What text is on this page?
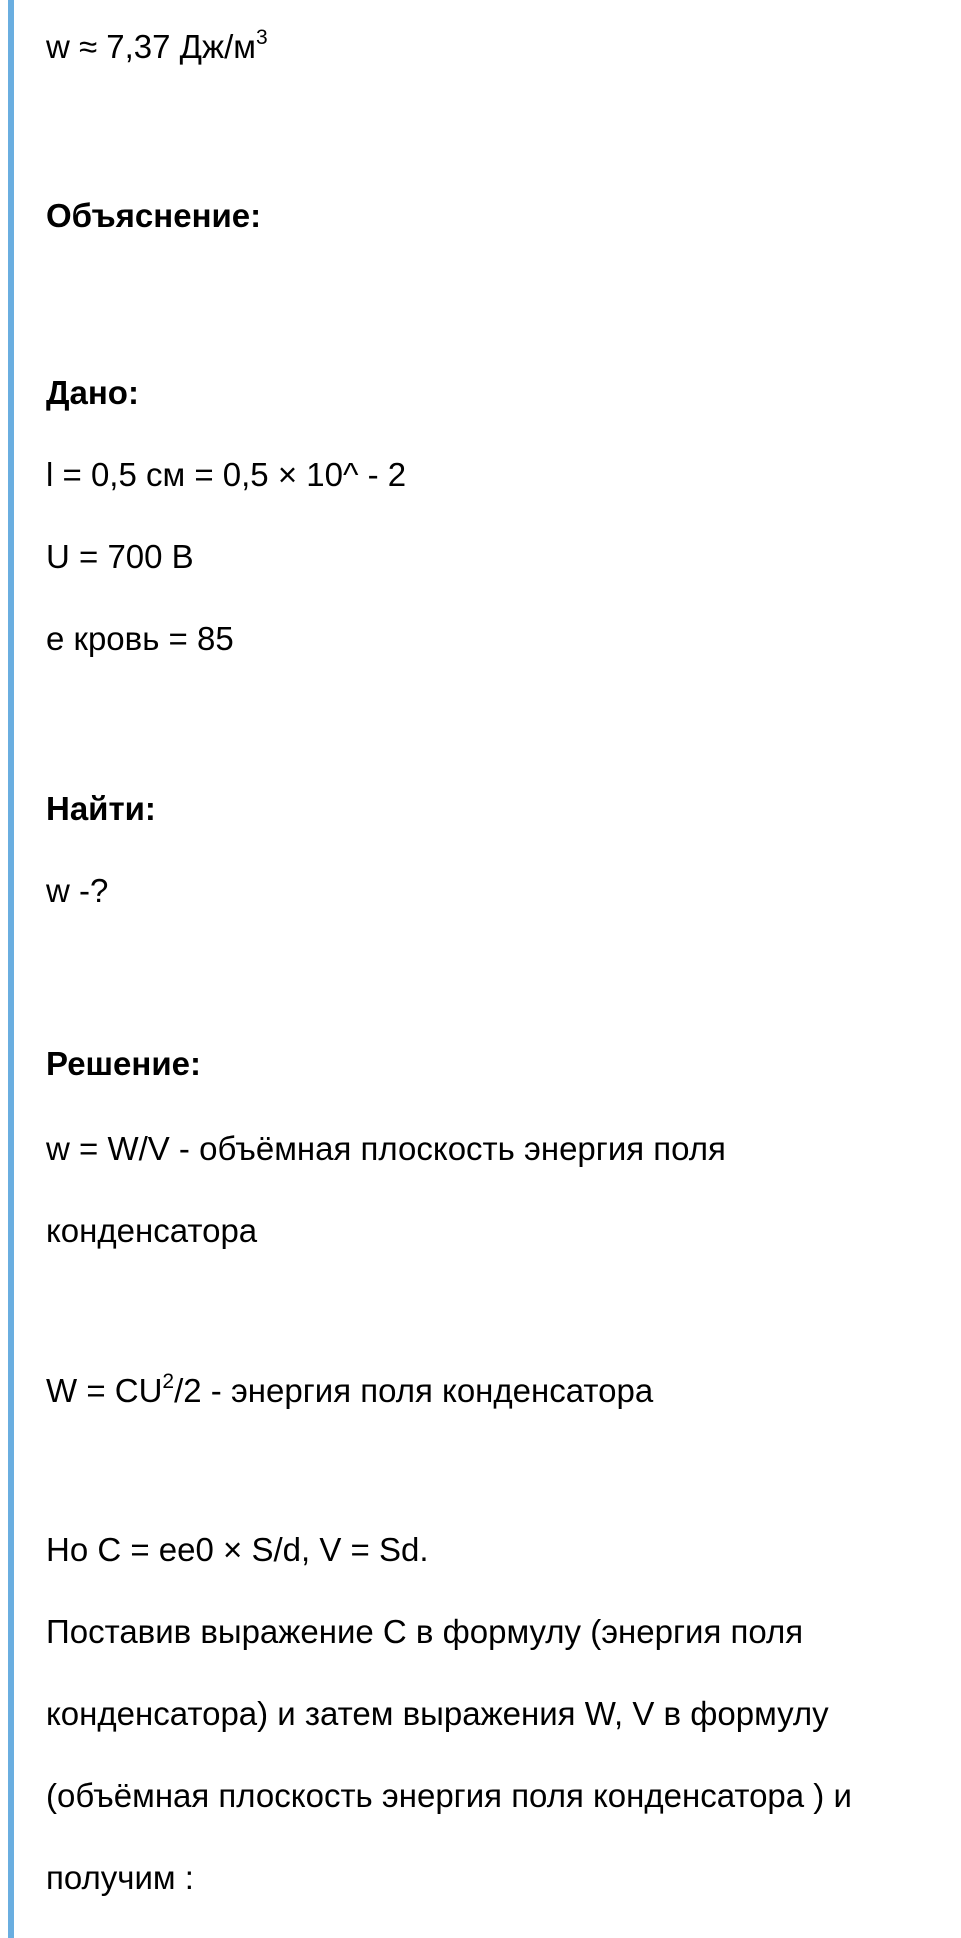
w ≈ 7,37 $Дж/м^3$
Объяснение:
Дано:
l = 0,5 см = 0,5 × 10^ - 2
U = 700 В
e кровь = 85
Найти:
w -?
Решение:
w = W/V - объёмная плоскость энергия поля
конденсатора
$W = CU^2/2$ - энергия поля конденсатора
Но С = ee0 × S/d, V = Sd.
Поставив выражение С в формулу (энергия поля
конденсатора) и затем выражения W, V в формулу
(объёмная плоскость энергия поля конденсатора ) и
получим :
